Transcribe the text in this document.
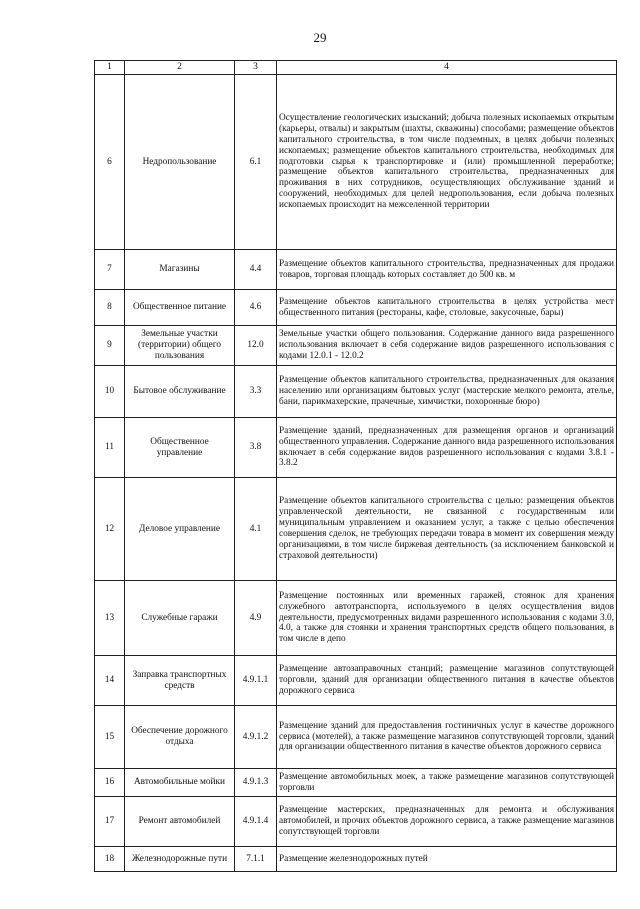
29
1	2	3	4
6	Недропользование	6.1	Осуществление геологических изысканий; добыча полезных ископаемых открытым (карьеры, отвалы) и закрытым (шахты, скважины) способами; размещение объектов капитального строительства, в том числе подземных, в целях добычи полезных ископаемых; размещение объектов капитального строительства, необходимых для подготовки сырья к транспортировке и (или) промышленной переработке; размещение объектов капитального строительства, предназначенных для проживания в них сотрудников, осуществляющих обслуживание зданий и сооружений, необходимых для целей недропользования, если добыча полезных ископаемых происходит на межселенной территории
7	Магазины	4.4	Размещение объектов капитального строительства, предназначенных для продажи товаров, торговая площадь которых составляет до 500 кв. м
8	Общественное питание	4.6	Размещение объектов капитального строительства в целях устройства мест общественного питания (рестораны, кафе, столовые, закусочные, бары)
9	Земельные участки (территории) общего пользования	12.0	Земельные участки общего пользования. Содержание данного вида разрешенного использования включает в себя содержание видов разрешенного использования с кодами 12.0.1 - 12.0.2
10	Бытовое обслуживание	3.3	Размещение объектов капитального строительства, предназначенных для оказания населению или организациям бытовых услуг (мастерские мелкого ремонта, ателье, бани, парикмахерские, прачечные, химчистки, похоронные бюро)
11	Общественное управление	3.8	Размещение зданий, предназначенных для размещения органов и организаций общественного управления. Содержание данного вида разрешенного использования включает в себя содержание видов разрешенного использования с кодами 3.8.1 - 3.8.2
12	Деловое управление	4.1	Размещение объектов капитального строительства с целью: размещения объектов управленческой деятельности, не связанной с государственным или муниципальным управлением и оказанием услуг, а также с целью обеспечения совершения сделок, не требующих передачи товара в момент их совершения между организациями, в том числе биржевая деятельность (за исключением банковской и страховой деятельности)
13	Служебные гаражи	4.9	Размещение постоянных или временных гаражей, стоянок для хранения служебного автотранспорта, используемого в целях осуществления видов деятельности, предусмотренных видами разрешенного использования с кодами 3.0, 4.0, а также для стоянки и хранения транспортных средств общего пользования, в том числе в депо
14	Заправка транспортных средств	4.9.1.1	Размещение автозаправочных станций; размещение магазинов сопутствующей торговли, зданий для организации общественного питания в качестве объектов дорожного сервиса
15	Обеспечение дорожного отдыха	4.9.1.2	Размещение зданий для предоставления гостиничных услуг в качестве дорожного сервиса (мотелей), а также размещение магазинов сопутствующей торговли, зданий для организации общественного питания в качестве объектов дорожного сервиса
16	Автомобильные мойки	4.9.1.3	Размещение автомобильных моек, а также размещение магазинов сопутствующей торговли
17	Ремонт автомобилей	4.9.1.4	Размещение мастерских, предназначенных для ремонта и обслуживания автомобилей, и прочих объектов дорожного сервиса, а также размещение магазинов сопутствующей торговли
18	Железнодорожные пути	7.1.1	Размещение железнодорожных путей
